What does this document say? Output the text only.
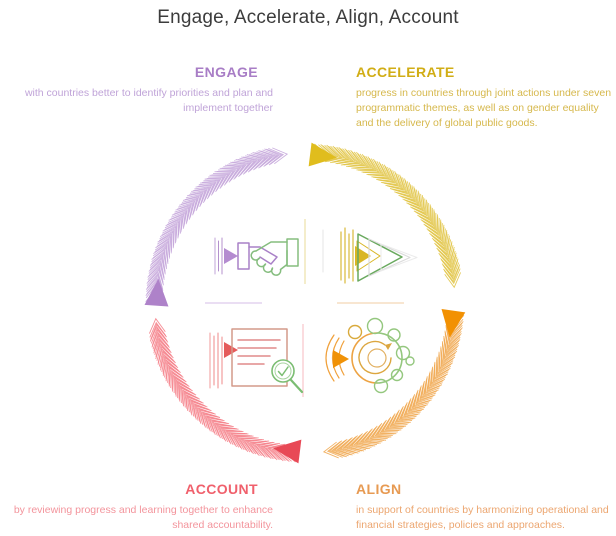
Engage, Accelerate, Align, Account
ENGAGE
with countries better to identify priorities and plan and
implement together
ACCELERATE
progress in countries through joint actions under seven
programmatic themes, as well as on gender equality
and the delivery of global public goods.
ACCOUNT
by reviewing progress and learning together to enhance
shared accountability.
ALIGN
in support of countries by harmonizing operational and
financial strategies, policies and approaches.
